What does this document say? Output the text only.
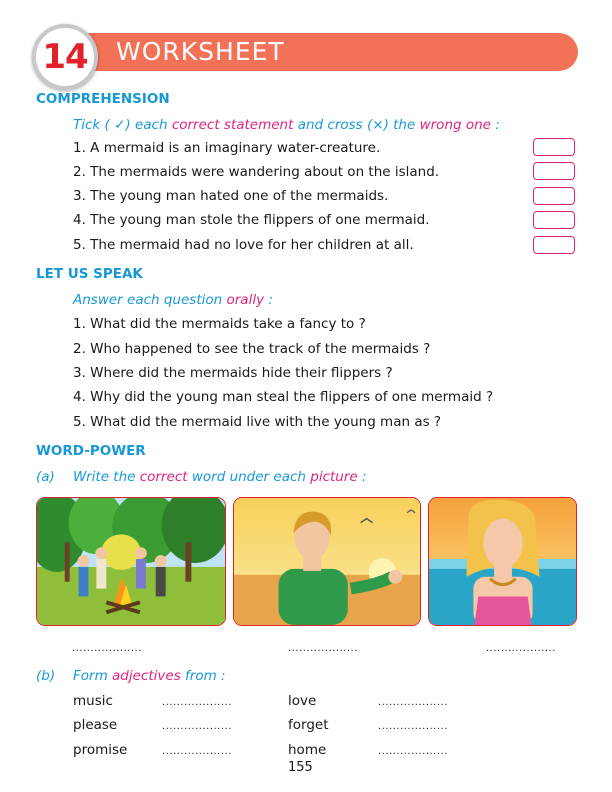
14 WORKSHEET
COMPREHENSION
Tick ( ✓) each correct statement and cross (×) the wrong one :
1. A mermaid is an imaginary water-creature.
2. The mermaids were wandering about on the island.
3. The young man hated one of the mermaids.
4. The young man stole the flippers of one mermaid.
5. The mermaid had no love for her children at all.
LET US SPEAK
Answer each question orally :
1. What did the mermaids take a fancy to ?
2. Who happened to see the track of the mermaids ?
3. Where did the mermaids hide their flippers ?
4. Why did the young man steal the flippers of one mermaid ?
5. What did the mermaid live with the young man as ?
WORD-POWER
(a) Write the correct word under each picture :
...................	...................	...................
(b) Form adjectives from :
music
please
promise
...................
...................
...................
love
forget
home
...................
...................
...................
155
